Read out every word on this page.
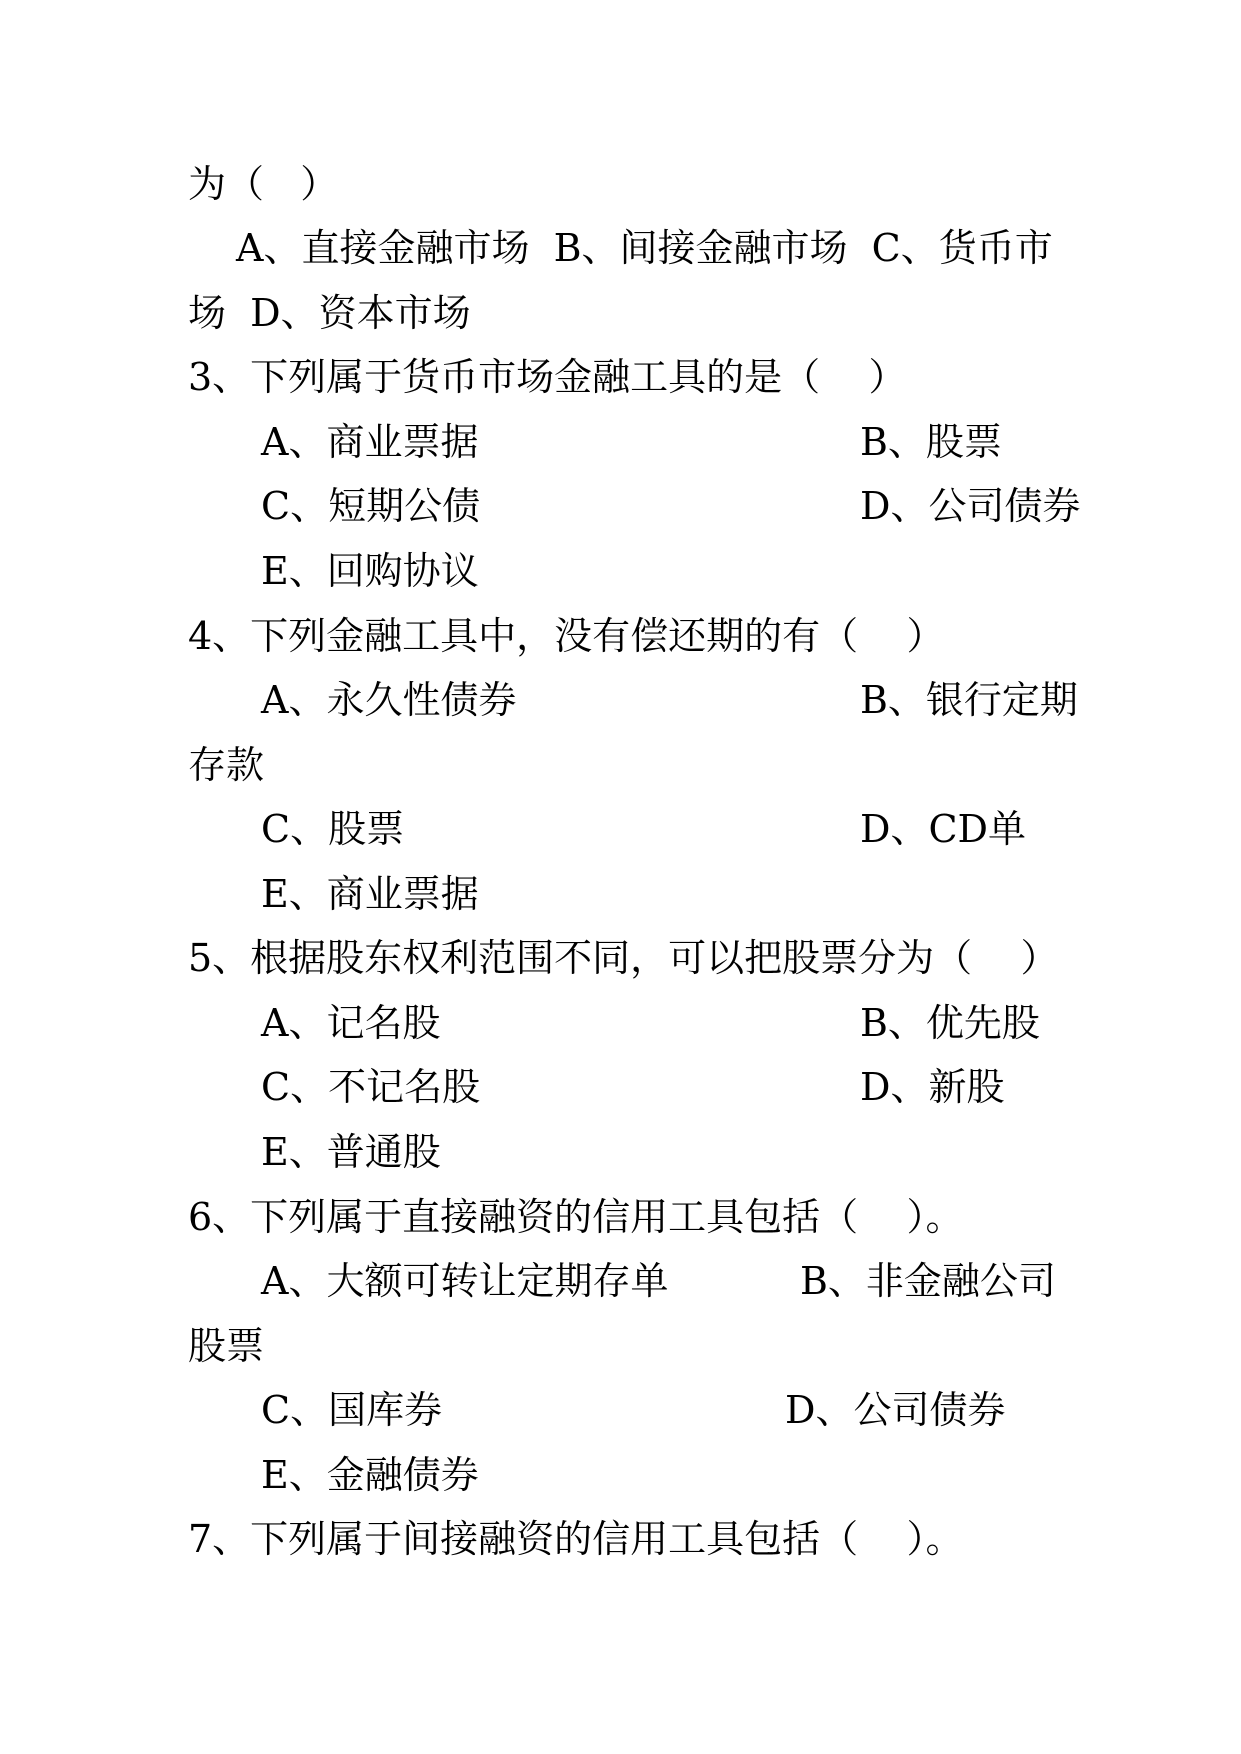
为（   ）
A、直接金融市场  B、间接金融市场  C、货币市
场  D、资本市场
3、下列属于货币市场金融工具的是（    ）
A、商业票据	B、股票
C、短期公债	D、公司债券
E、回购协议
4、下列金融工具中，没有偿还期的有（    ）
A、永久性债券	B、银行定期
存款
C、股票	D、CD单
E、商业票据
5、根据股东权利范围不同，可以把股票分为（    ）
A、记名股	B、优先股
C、不记名股	D、新股
E、普通股
6、下列属于直接融资的信用工具包括（    ）。
A、大额可转让定期存单	B、非金融公司
股票
C、国库券	D、公司债券
E、金融债券
7、下列属于间接融资的信用工具包括（    ）。
